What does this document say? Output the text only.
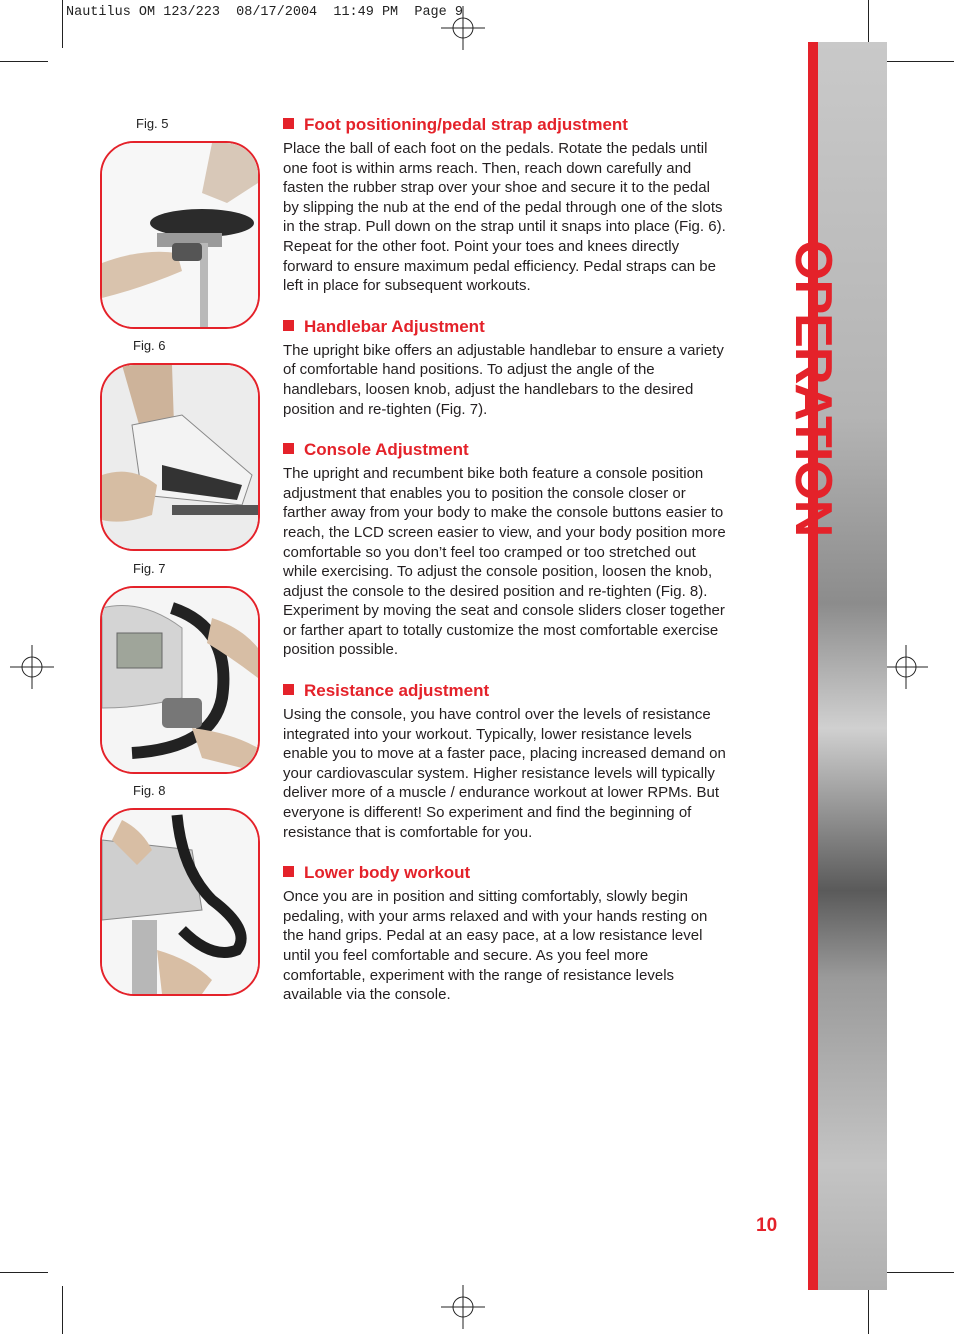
Nautilus OM 123/223  08/17/2004  11:49 PM  Page 9
OPERATION
Fig. 5
Fig. 6
Fig. 7
Fig. 8
Foot positioning/pedal strap adjustment

Place the ball of each foot on the pedals. Rotate the pedals until one foot is within arms reach. Then, reach down carefully and fasten the rubber strap over your shoe and secure it to the pedal by slipping the nub at the end of the pedal through one of the slots in the strap. Pull down on the strap until it snaps into place (Fig. 6). Repeat for the other foot. Point your toes and knees directly forward to ensure maximum pedal efficiency. Pedal straps can be left in place for subsequent workouts.

Handlebar Adjustment

The upright bike offers an adjustable handlebar to ensure a variety of comfortable hand positions. To adjust the angle of the handlebars, loosen knob, adjust the handlebars to the desired position and re-tighten (Fig. 7).

Console Adjustment

The upright and recumbent bike both feature a console position adjustment that enables you to position the console closer or farther away from your body to make the console buttons easier to reach, the LCD screen easier to view, and your body position more comfortable so you don’t feel too cramped or too stretched out while exercising. To adjust the console position, loosen the knob, adjust the console to the desired position and re-tighten (Fig. 8). Experiment by moving the seat and console sliders closer together or farther apart to totally customize the most comfortable exercise position possible.

Resistance adjustment

Using the console, you have control over the levels of resistance integrated into your workout. Typically, lower resistance levels enable you to move at a faster pace, placing increased demand on your cardiovascular system. Higher resistance levels will typically deliver more of a muscle / endurance workout at lower RPMs. But everyone is different! So experiment and find the beginning of resistance that is comfortable for you.

Lower body workout

Once you are in position and sitting comfortably, slowly begin pedaling, with your arms relaxed and with your hands resting on the hand grips. Pedal at an easy pace, at a low resistance level until you feel comfortable and secure. As you feel more comfortable, experiment with the range of resistance levels available via the console.

10
